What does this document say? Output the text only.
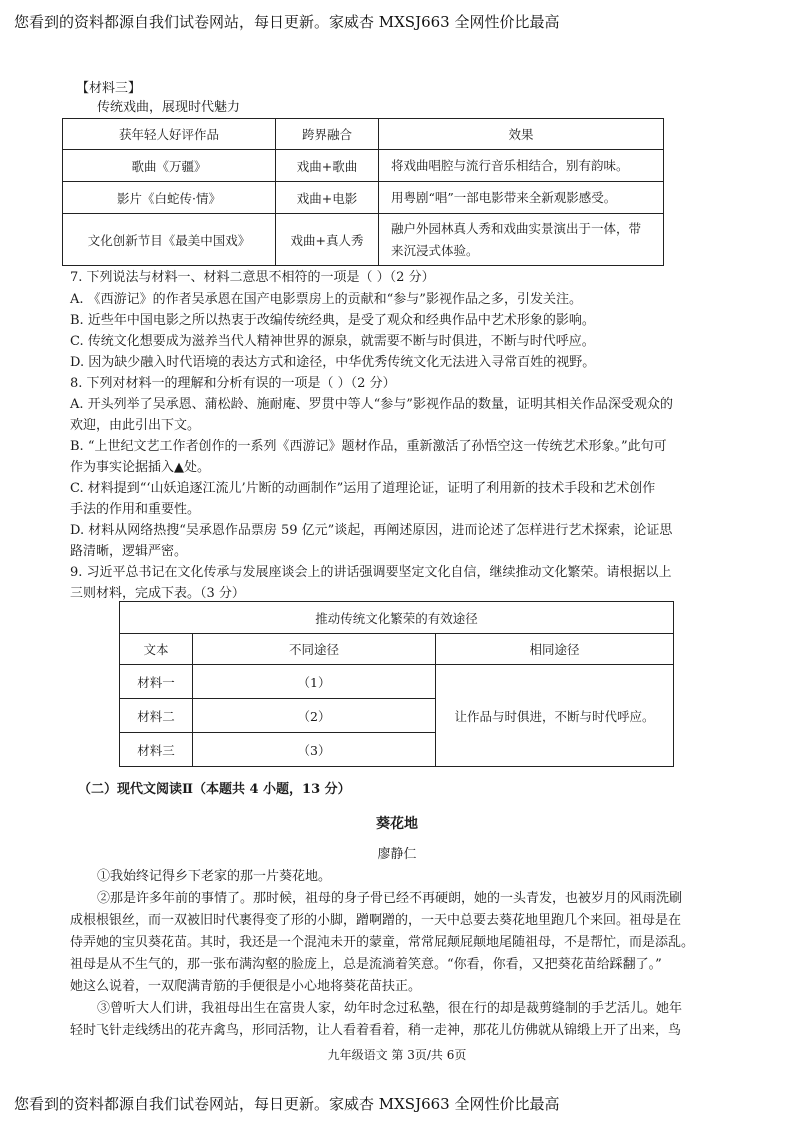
您看到的资料都源自我们试卷网站，每日更新。家威杏 MXSJ663 全网性价比最高
【材料三】
传统戏曲，展现时代魅力
获年轻人好评作品	跨界融合	效果
歌曲《万疆》	戏曲+歌曲	将戏曲唱腔与流行音乐相结合，别有韵味。
影片《白蛇传·情》	戏曲+电影	用粤剧“唱”一部电影带来全新观影感受。
文化创新节目《最美中国戏》	戏曲+真人秀	融户外园林真人秀和戏曲实景演出于一体，带
来沉浸式体验。
7. 下列说法与材料一、材料二意思不相符的一项是（ ）（2 分）
A. 《西游记》的作者吴承恩在国产电影票房上的贡献和“参与”影视作品之多，引发关注。
B. 近些年中国电影之所以热衷于改编传统经典，是受了观众和经典作品中艺术形象的影响。
C. 传统文化想要成为滋养当代人精神世界的源泉，就需要不断与时俱进，不断与时代呼应。
D. 因为缺少融入时代语境的表达方式和途径，中华优秀传统文化无法进入寻常百姓的视野。
8. 下列对材料一的理解和分析有误的一项是（ ）（2 分）
A. 开头列举了吴承恩、蒲松龄、施耐庵、罗贯中等人“参与”影视作品的数量，证明其相关作品深受观众的
欢迎，由此引出下文。
B. “上世纪文艺工作者创作的一系列《西游记》题材作品，重新激活了孙悟空这一传统艺术形象。”此句可
作为事实论据插入▲处。
C. 材料提到“‘山妖追逐江流儿’片断的动画制作”运用了道理论证，证明了利用新的技术手段和艺术创作
手法的作用和重要性。
D. 材料从网络热搜“吴承恩作品票房 59 亿元”谈起，再阐述原因，进而论述了怎样进行艺术探索，论证思
路清晰，逻辑严密。
9. 习近平总书记在文化传承与发展座谈会上的讲话强调要坚定文化自信，继续推动文化繁荣。请根据以上
三则材料，完成下表。（3 分）
推动传统文化繁荣的有效途径		
文本	不同途径	相同途径
材料一	（1）	让作品与时俱进，不断与时代呼应。
材料二	（2）	
材料三	（3）	
（二）现代文阅读Ⅱ（本题共 4 小题，13 分）
葵花地
廖静仁
①我始终记得乡下老家的那一片葵花地。
②那是许多年前的事情了。那时候，祖母的身子骨已经不再硬朗，她的一头青发，也被岁月的风雨洗刷
成根根银丝，而一双被旧时代裹得变了形的小脚，蹭啊蹭的，一天中总要去葵花地里跑几个来回。祖母是在
侍弄她的宝贝葵花苗。其时，我还是一个混沌未开的蒙童，常常屁颠屁颠地尾随祖母，不是帮忙，而是添乱。
祖母是从不生气的，那一张布满沟壑的脸庞上，总是流淌着笑意。“你看，你看，又把葵花苗给踩翻了。”
她这么说着，一双爬满青筋的手便很是小心地将葵花苗扶正。
③曾听大人们讲，我祖母出生在富贵人家，幼年时念过私塾，很在行的却是裁剪缝制的手艺活儿。她年
轻时飞针走线绣出的花卉禽鸟，形同活物，让人看着看着，稍一走神，那花儿仿佛就从锦缎上开了出来，鸟
九年级语文 第 3页/共 6页
您看到的资料都源自我们试卷网站，每日更新。家威杏 MXSJ663 全网性价比最高
